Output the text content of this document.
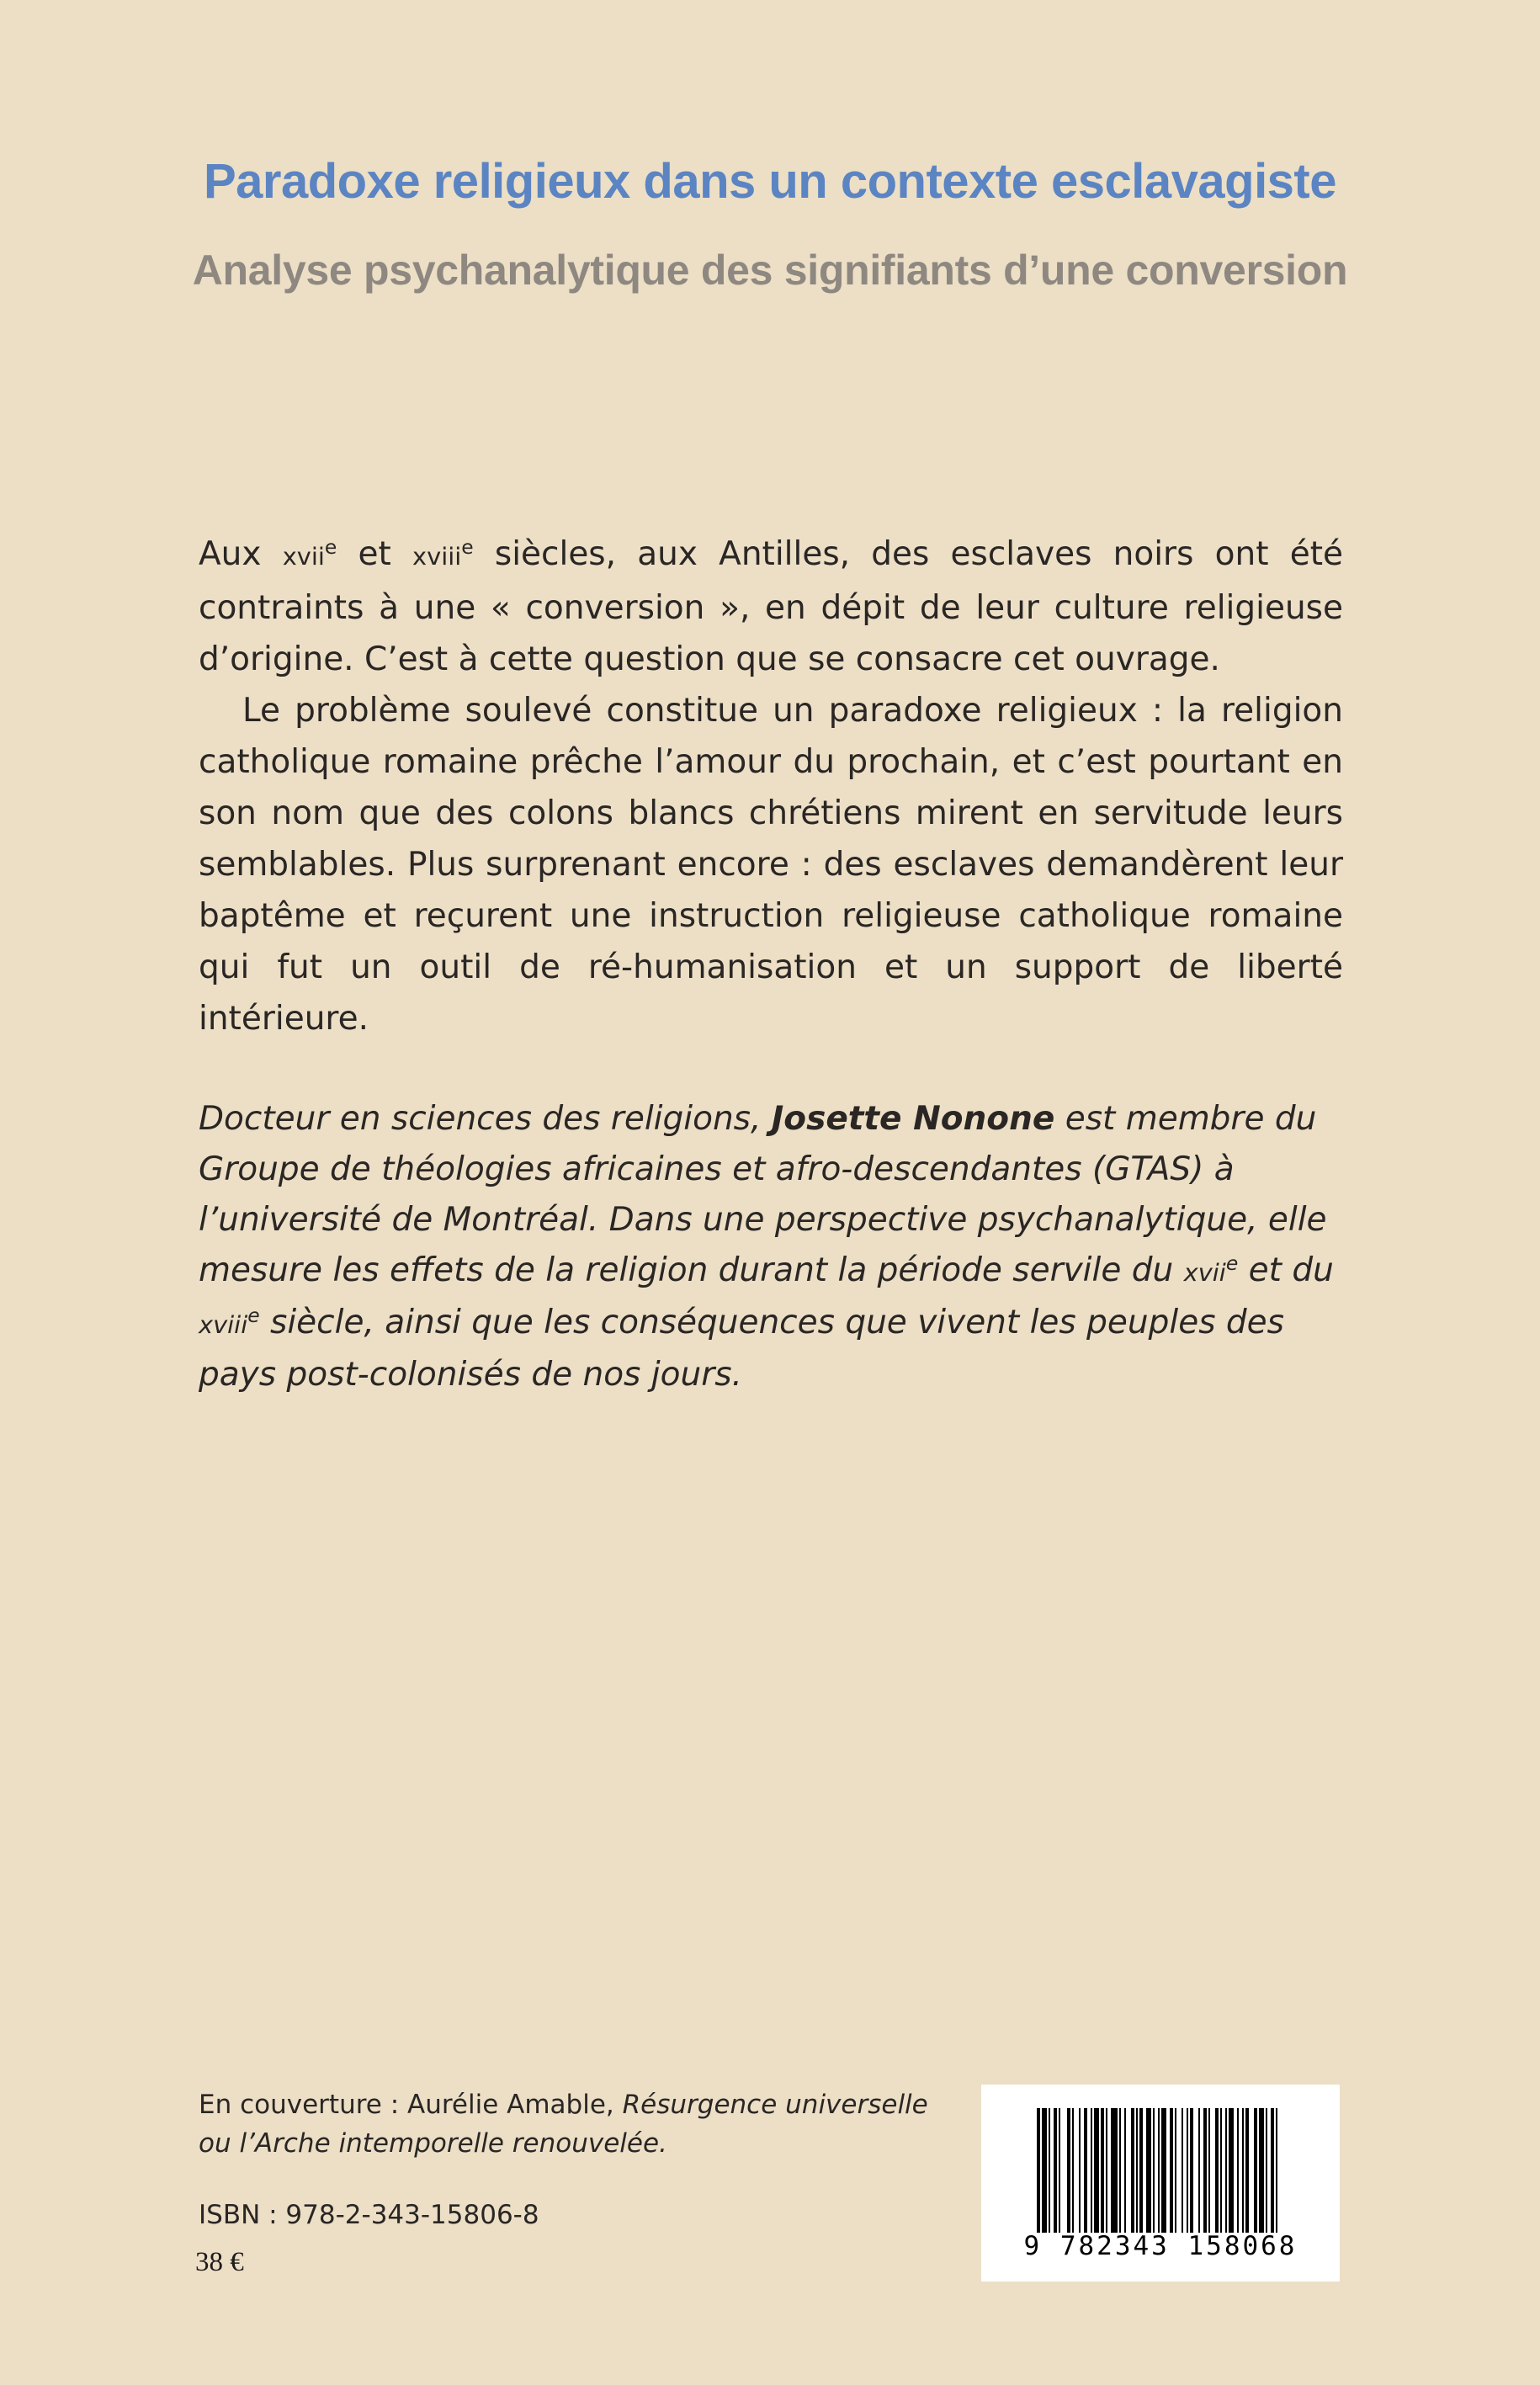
Paradoxe religieux dans un contexte esclavagiste
Analyse psychanalytique des signifiants d’une conversion

Aux xvii$^e$ et xviii$^e$ siècles, aux Antilles, des esclaves noirs ont été contraints à une « conversion », en dépit de leur culture religieuse d’origine. C’est à cette question que se consacre cet ouvrage.

Le problème soulevé constitue un paradoxe religieux : la religion catholique romaine prêche l’amour du prochain, et c’est pourtant en son nom que des colons blancs chrétiens mirent en servitude leurs semblables. Plus surprenant encore : des esclaves demandèrent leur baptême et reçurent une instruction religieuse catholique romaine qui fut un outil de ré-humanisation et un support de liberté intérieure.

Docteur en sciences des religions, Josette Nonone est membre du Groupe de théologies africaines et afro-descendantes (GTAS) à l’université de Montréal. Dans une perspective psychanalytique, elle mesure les effets de la religion durant la période servile du xvii$^e$ et du xviii$^e$ siècle, ainsi que les conséquences que vivent les peuples des pays post-colonisés de nos jours.

En couverture : Aurélie Amable, Résurgence universelle ou l’Arche intemporelle renouvelée.

ISBN : 978-2-343-15806-8

38 €

9 782343 158068
